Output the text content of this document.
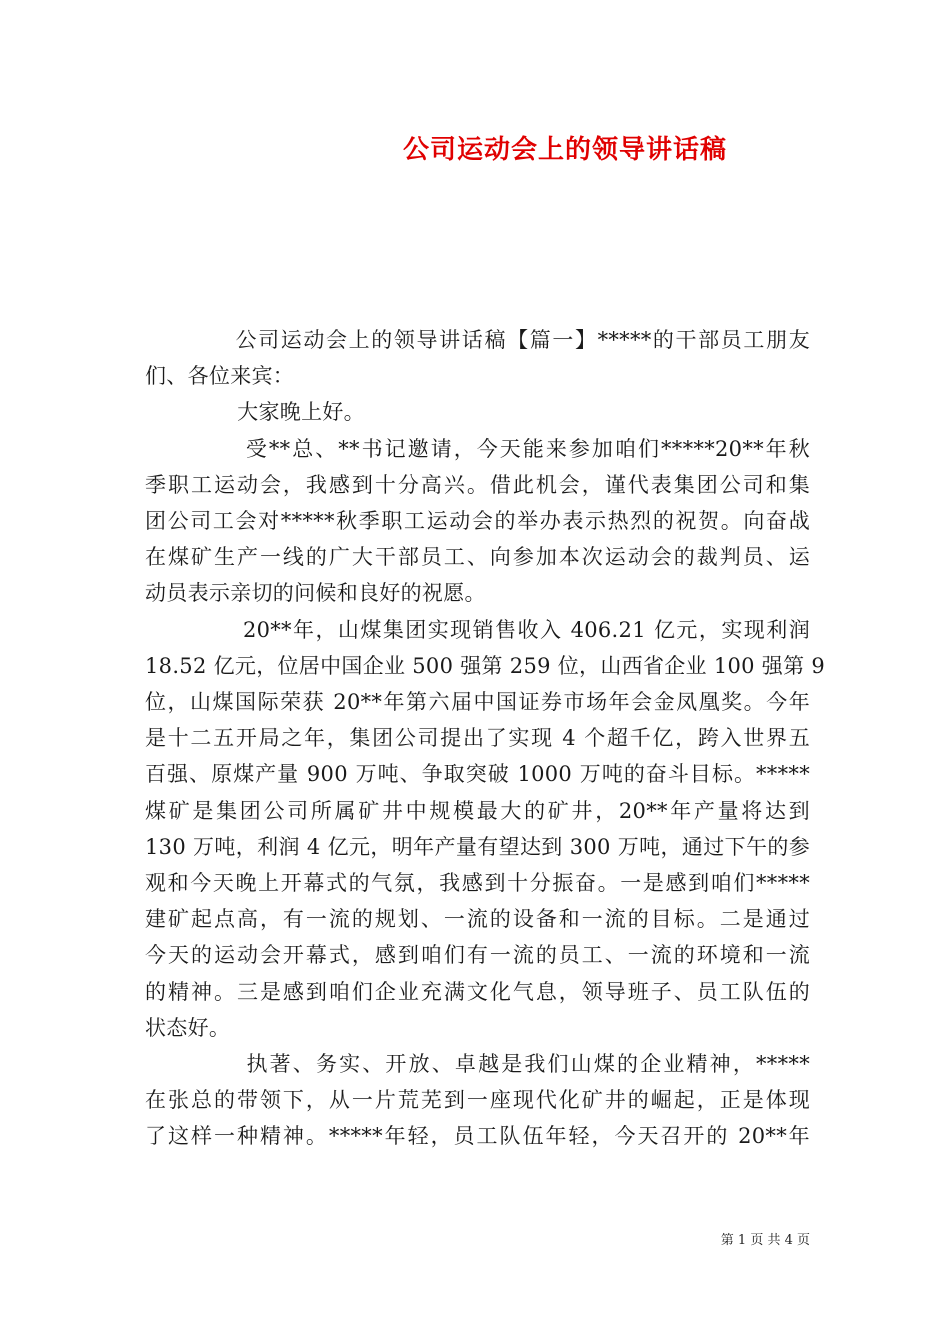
公司运动会上的领导讲话稿
　　　　公司运动会上的领导讲话稿【篇一】*****的干部员工朋友
们、各位来宾：
　　　　 大家晚上好。
　　　　 受**总、**书记邀请，今天能来参加咱们*****20**年秋
季职工运动会，我感到十分高兴。借此机会，谨代表集团公司和集
团公司工会对*****秋季职工运动会的举办表示热烈的祝贺。向奋战
在煤矿生产一线的广大干部员工、向参加本次运动会的裁判员、运
动员表示亲切的问候和良好的祝愿。
　　　　 20**年，山煤集团实现销售收入 406.21 亿元，实现利润
18.52 亿元，位居中国企业 500 强第 259 位，山西省企业 100 强第 9
位，山煤国际荣获 20**年第六届中国证券市场年会金凤凰奖。今年
是十二五开局之年，集团公司提出了实现 4 个超千亿，跨入世界五
百强、原煤产量 900 万吨、争取突破 1000 万吨的奋斗目标。*****
煤矿是集团公司所属矿井中规模最大的矿井，20**年产量将达到
130 万吨，利润 4 亿元，明年产量有望达到 300 万吨，通过下午的参
观和今天晚上开幕式的气氛，我感到十分振奋。一是感到咱们*****
建矿起点高，有一流的规划、一流的设备和一流的目标。二是通过
今天的运动会开幕式，感到咱们有一流的员工、一流的环境和一流
的精神。三是感到咱们企业充满文化气息，领导班子、员工队伍的
状态好。
　　　　 执著、务实、开放、卓越是我们山煤的企业精神，*****
在张总的带领下，从一片荒芜到一座现代化矿井的崛起，正是体现
了这样一种精神。*****年轻，员工队伍年轻，今天召开的 20**年
第 1 页 共 4 页
